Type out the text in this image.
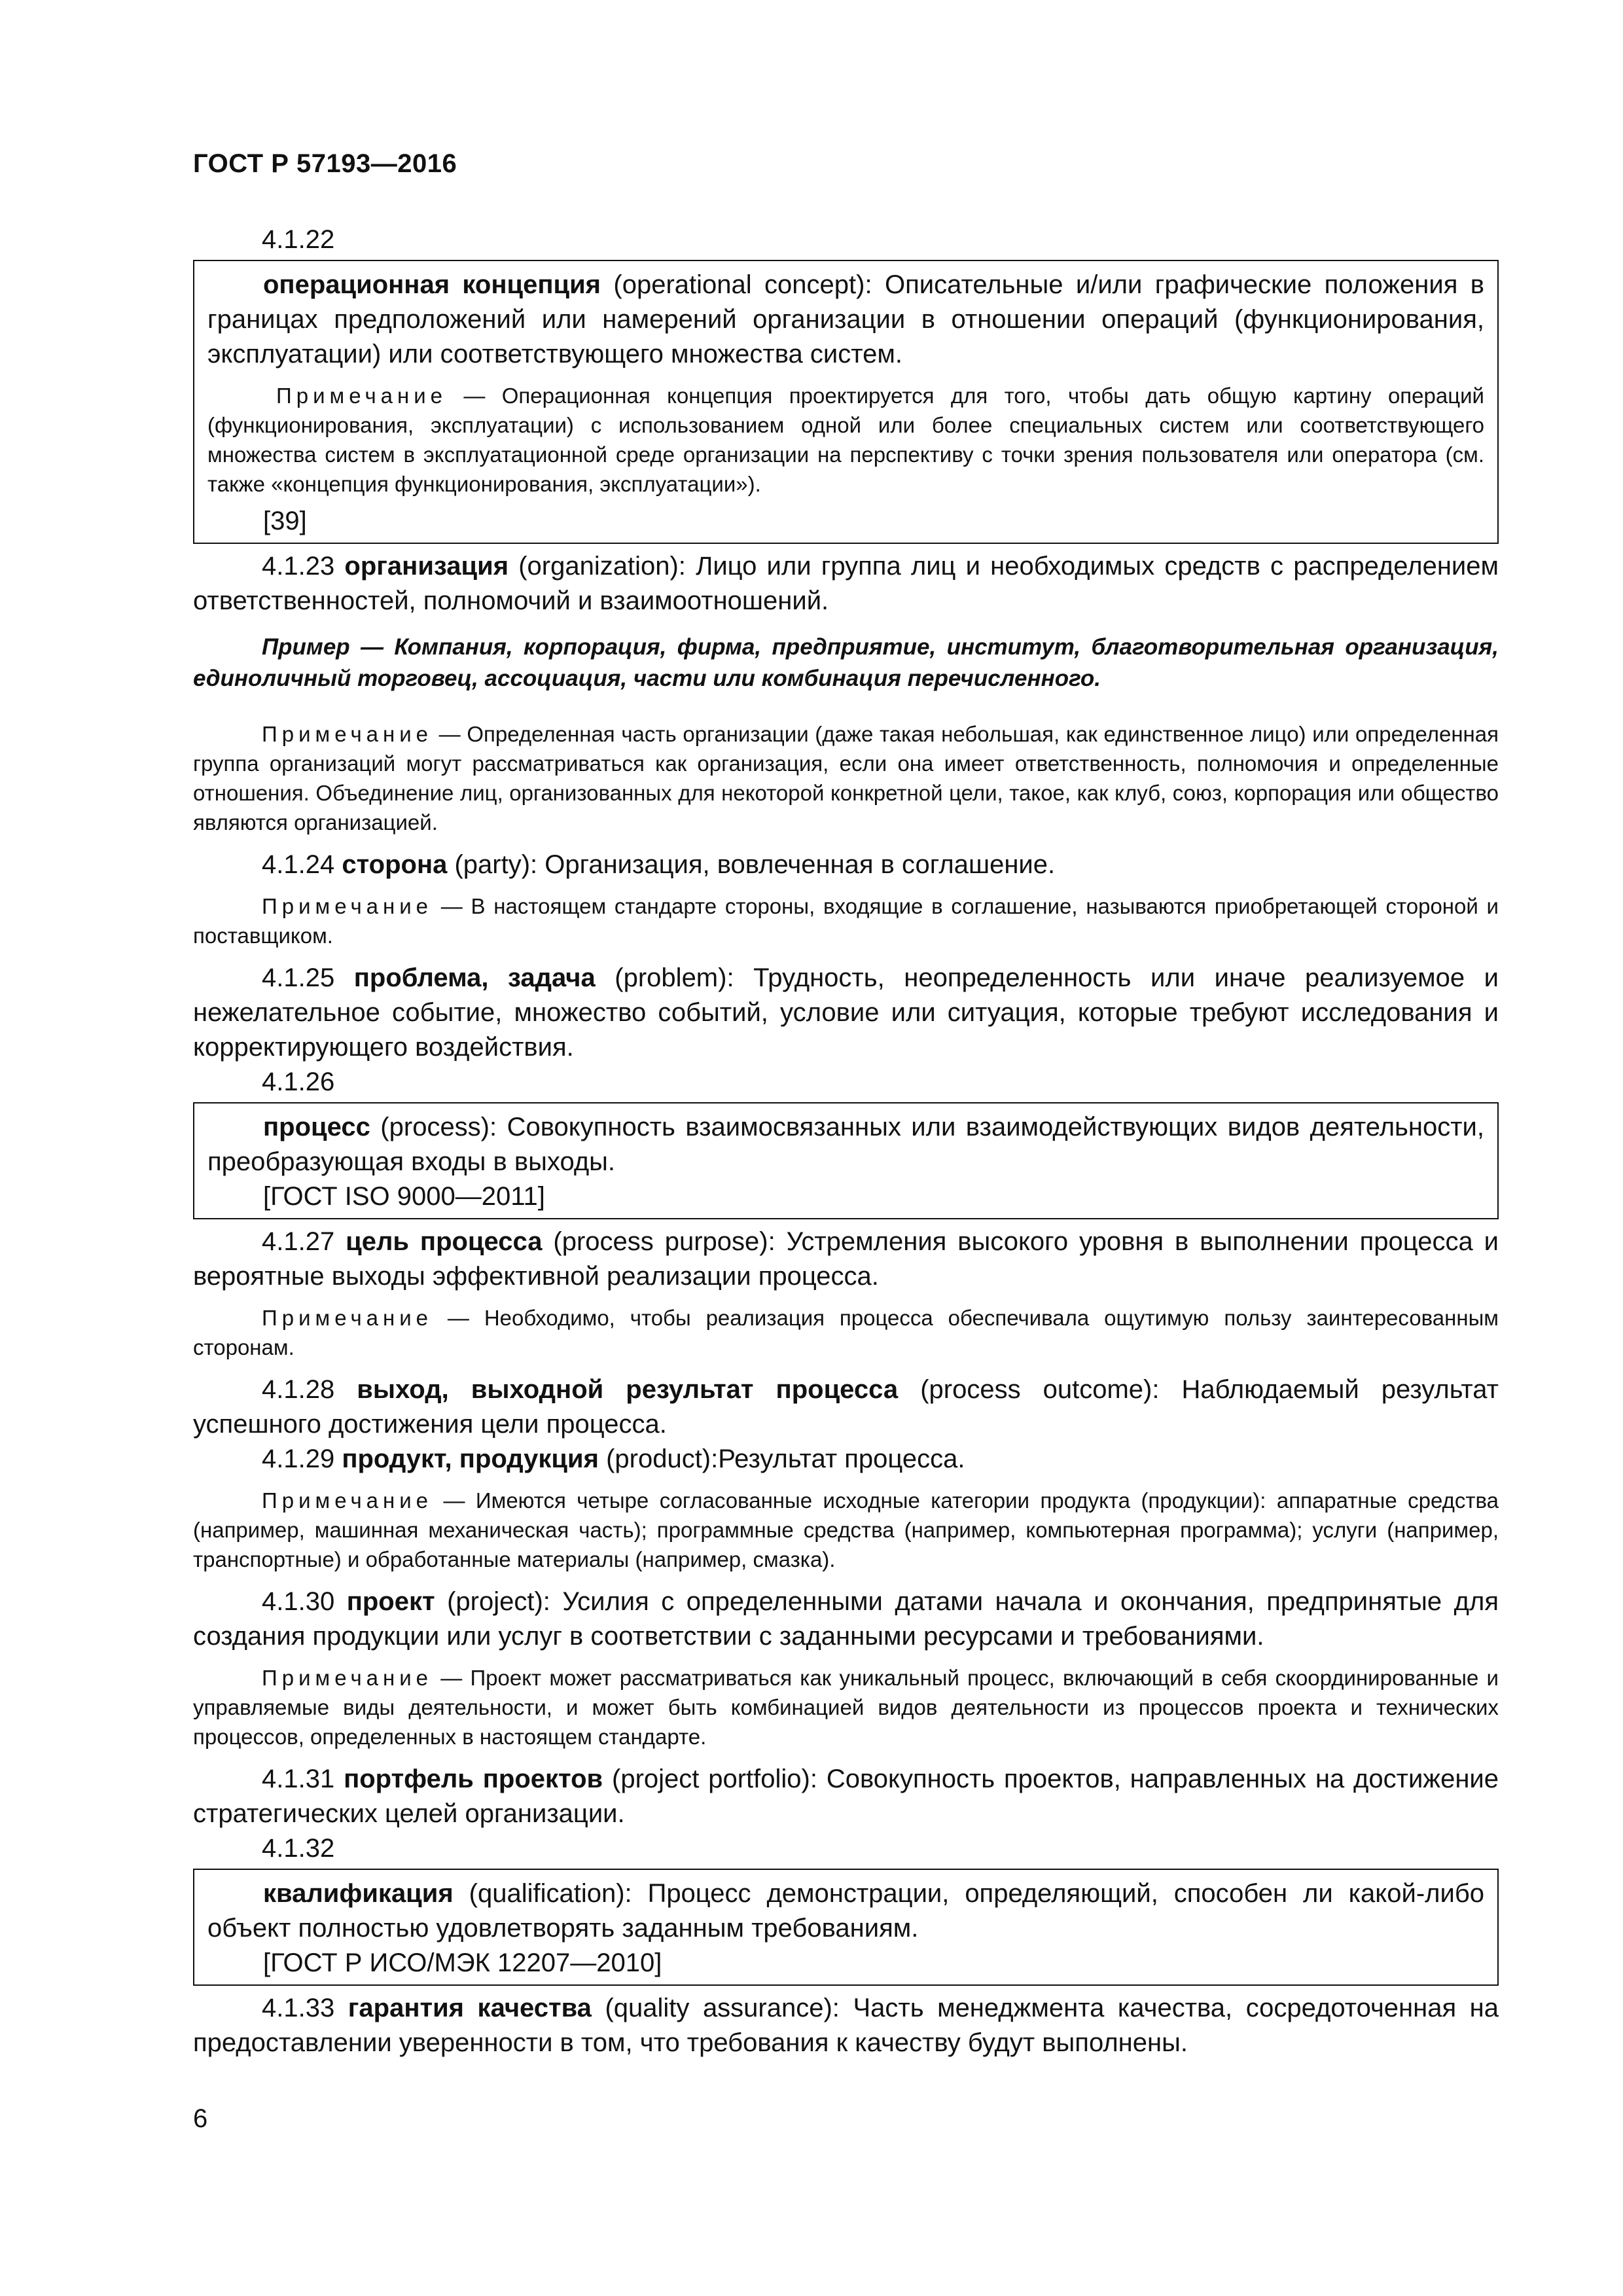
ГОСТ Р 57193—2016

4.1.22

операционная концепция (operational concept): Описательные и/или графические положения в границах предположений или намерений организации в отношении операций (функционирования, эксплуатации) или соответствующего множества систем.

Примечание — Операционная концепция проектируется для того, чтобы дать общую картину операций (функционирования, эксплуатации) с использованием одной или более специальных систем или соответствующего множества систем в эксплуатационной среде организации на перспективу с точки зрения пользователя или оператора (см. также «концепция функционирования, эксплуатации»).

[39]

4.1.23 организация (organization): Лицо или группа лиц и необходимых средств с распределением ответственностей, полномочий и взаимоотношений.

Пример — Компания, корпорация, фирма, предприятие, институт, благотворительная организация, единоличный торговец, ассоциация, части или комбинация перечисленного.

Примечание — Определенная часть организации (даже такая небольшая, как единственное лицо) или определенная группа организаций могут рассматриваться как организация, если она имеет ответственность, полномочия и определенные отношения. Объединение лиц, организованных для некоторой конкретной цели, такое, как клуб, союз, корпорация или общество являются организацией.

4.1.24 сторона (party): Организация, вовлеченная в соглашение.

Примечание — В настоящем стандарте стороны, входящие в соглашение, называются приобретающей стороной и поставщиком.

4.1.25 проблема, задача (problem): Трудность, неопределенность или иначе реализуемое и нежелательное событие, множество событий, условие или ситуация, которые требуют исследования и корректирующего воздействия.

4.1.26

процесс (process): Совокупность взаимосвязанных или взаимодействующих видов деятельности, преобразующая входы в выходы.

[ГОСТ ISO 9000—2011]

4.1.27 цель процесса (process purpose): Устремления высокого уровня в выполнении процесса и вероятные выходы эффективной реализации процесса.

Примечание — Необходимо, чтобы реализация процесса обеспечивала ощутимую пользу заинтересованным сторонам.

4.1.28 выход, выходной результат процесса (process outcome): Наблюдаемый результат успешного достижения цели процесса.

4.1.29 продукт, продукция (product):Результат процесса.

Примечание — Имеются четыре согласованные исходные категории продукта (продукции): аппаратные средства (например, машинная механическая часть); программные средства (например, компьютерная программа); услуги (например, транспортные) и обработанные материалы (например, смазка).

4.1.30 проект (project): Усилия с определенными датами начала и окончания, предпринятые для создания продукции или услуг в соответствии с заданными ресурсами и требованиями.

Примечание — Проект может рассматриваться как уникальный процесс, включающий в себя скоординированные и управляемые виды деятельности, и может быть комбинацией видов деятельности из процессов проекта и технических процессов, определенных в настоящем стандарте.

4.1.31 портфель проектов (project portfolio): Совокупность проектов, направленных на достижение стратегических целей организации.

4.1.32

квалификация (qualification): Процесс демонстрации, определяющий, способен ли какой-либо объект полностью удовлетворять заданным требованиям.

[ГОСТ Р ИСО/МЭК 12207—2010]

4.1.33 гарантия качества (quality assurance): Часть менеджмента качества, сосредоточенная на предоставлении уверенности в том, что требования к качеству будут выполнены.

6
